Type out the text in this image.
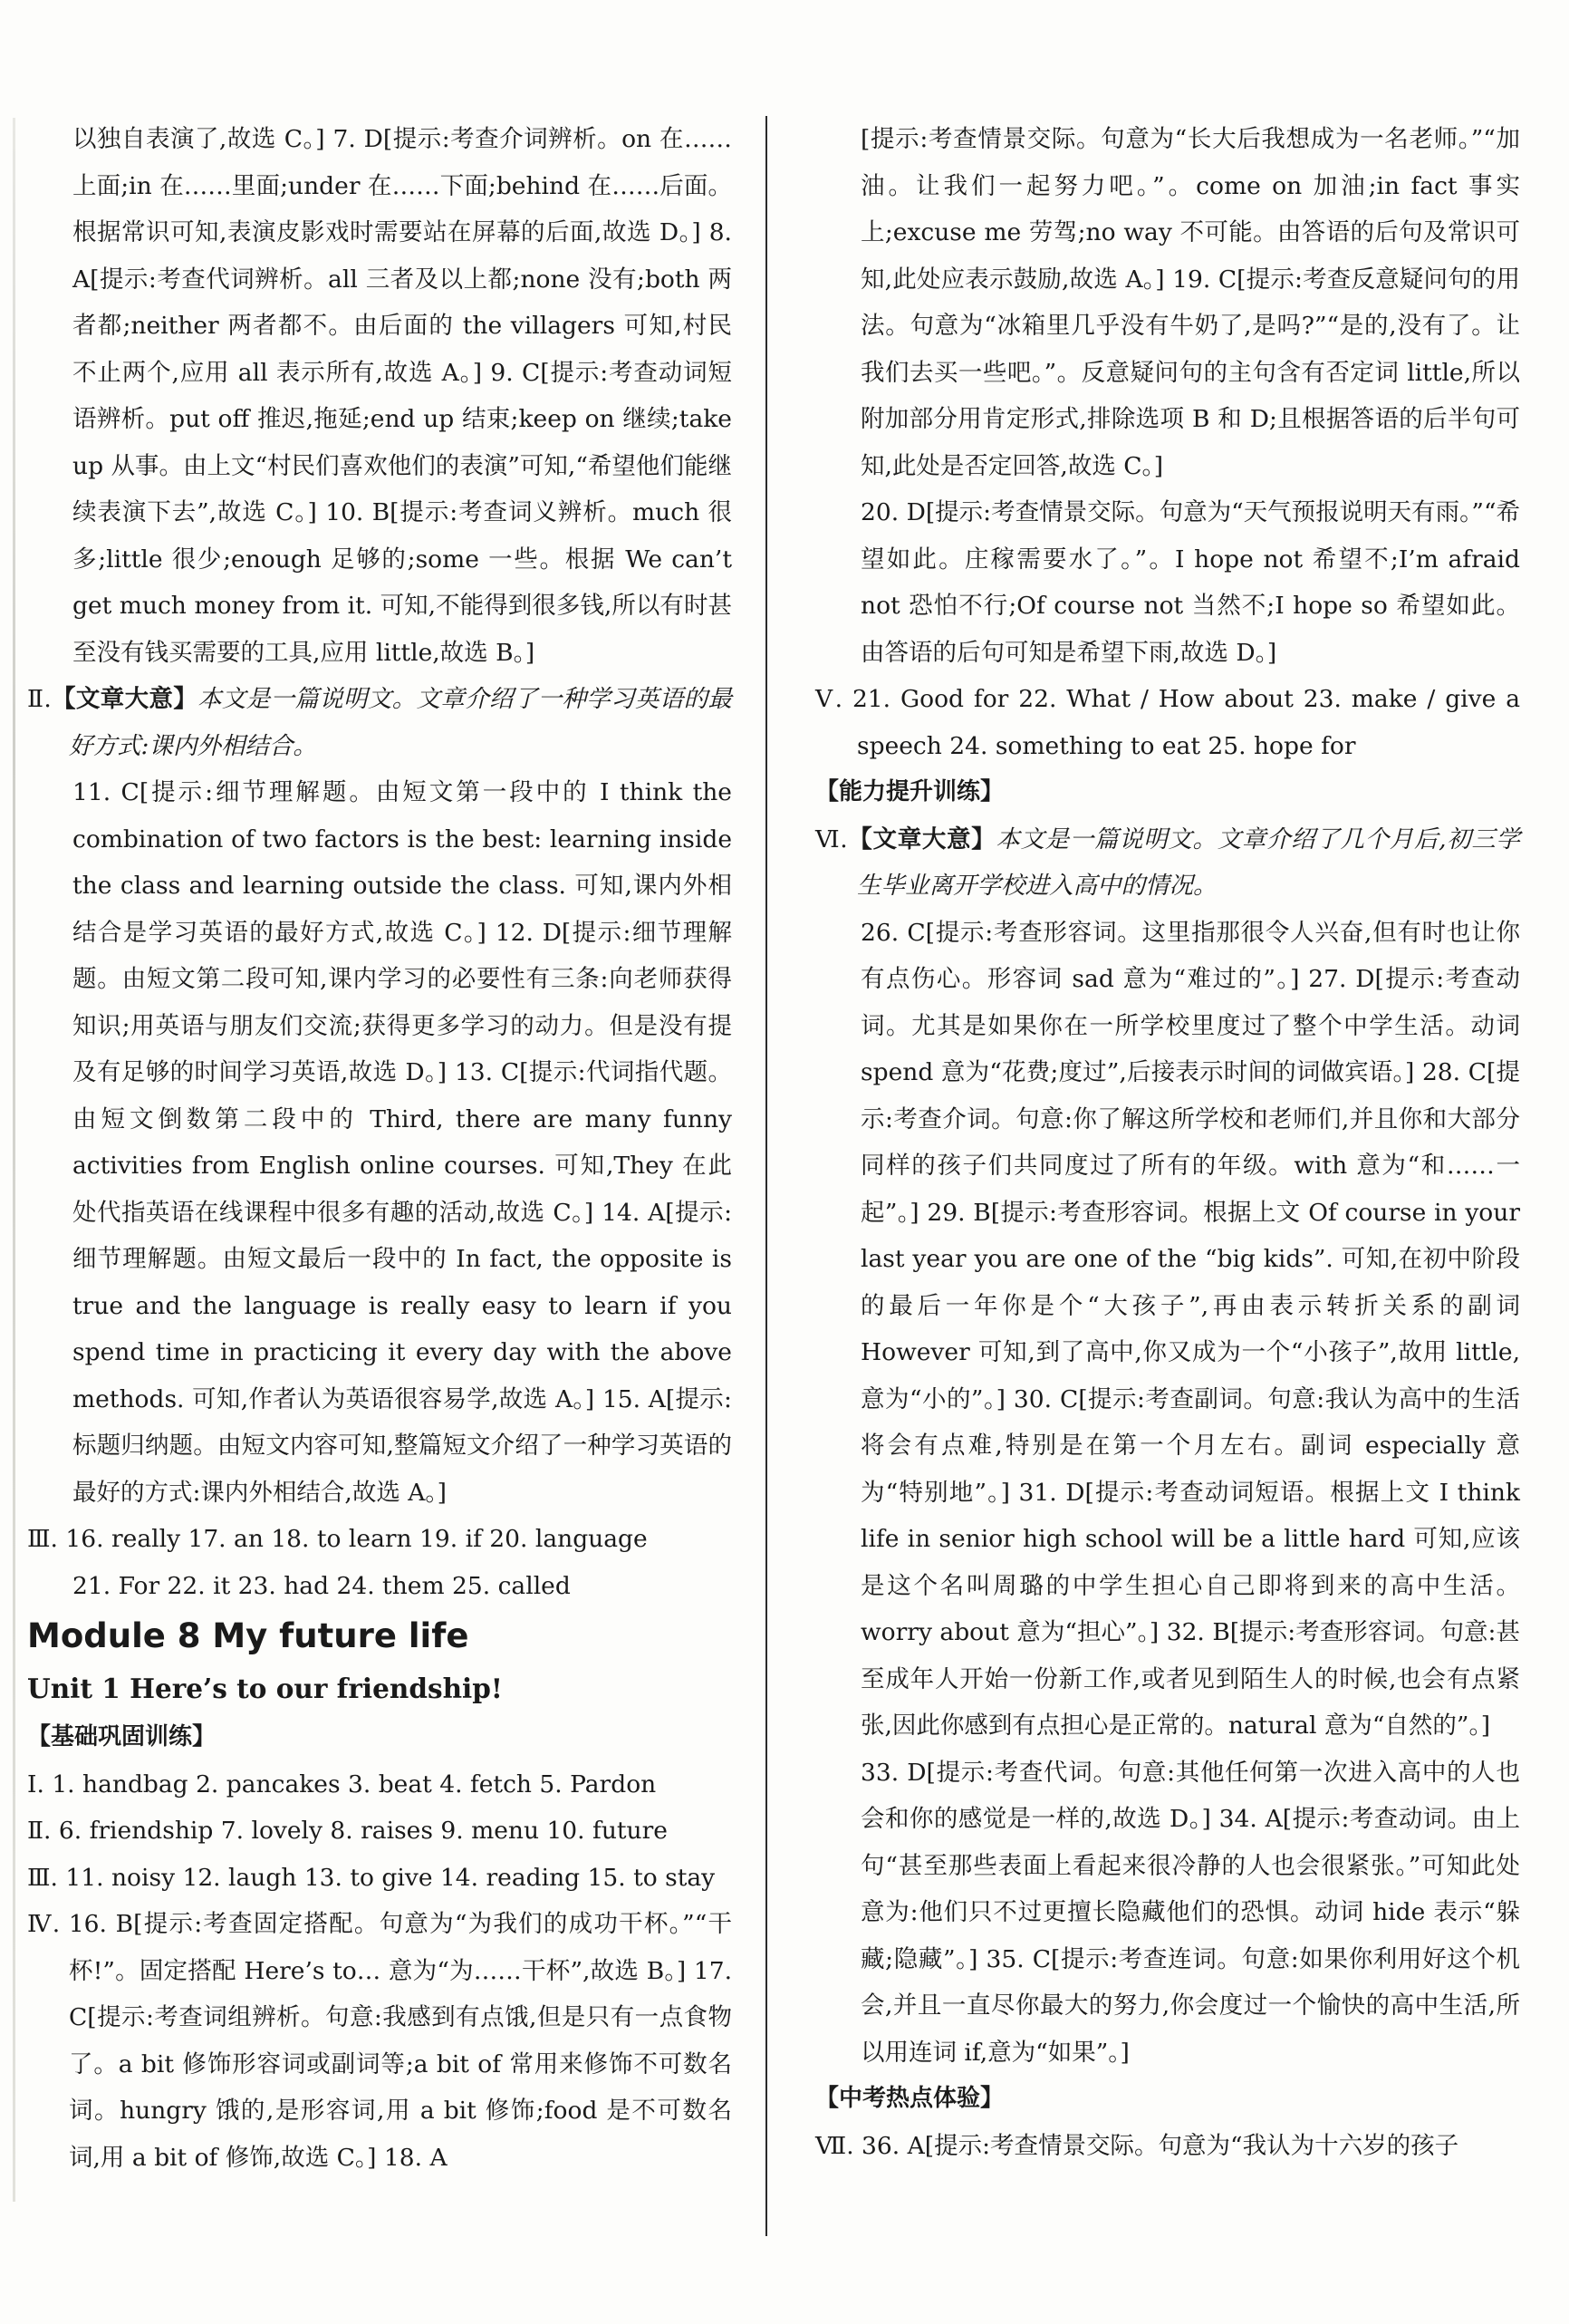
以独自表演了,故选 C。] 7. D[提示:考查介词辨析。on 在……上面;in 在……里面;under 在……下面;behind 在……后面。根据常识可知,表演皮影戏时需要站在屏幕的后面,故选 D。] 8. A[提示:考查代词辨析。all 三者及以上都;none 没有;both 两者都;neither 两者都不。由后面的 the villagers 可知,村民不止两个,应用 all 表示所有,故选 A。] 9. C[提示:考查动词短语辨析。put off 推迟,拖延;end up 结束;keep on 继续;take up 从事。由上文“村民们喜欢他们的表演”可知,“希望他们能继续表演下去”,故选 C。] 10. B[提示:考查词义辨析。much 很多;little 很少;enough 足够的;some 一些。根据 We can’t get much money from it. 可知,不能得到很多钱,所以有时甚至没有钱买需要的工具,应用 little,故选 B。]

Ⅱ.【文章大意】本文是一篇说明文。文章介绍了一种学习英语的最好方式:课内外相结合。

11. C[提示:细节理解题。由短文第一段中的 I think the combination of two factors is the best: learning inside the class and learning outside the class. 可知,课内外相结合是学习英语的最好方式,故选 C。] 12. D[提示:细节理解题。由短文第二段可知,课内学习的必要性有三条:向老师获得知识;用英语与朋友们交流;获得更多学习的动力。但是没有提及有足够的时间学习英语,故选 D。] 13. C[提示:代词指代题。由短文倒数第二段中的 Third, there are many funny activities from English online courses. 可知,They 在此处代指英语在线课程中很多有趣的活动,故选 C。] 14. A[提示:细节理解题。由短文最后一段中的 In fact, the opposite is true and the language is really easy to learn if you spend time in practicing it every day with the above methods. 可知,作者认为英语很容易学,故选 A。] 15. A[提示:标题归纳题。由短文内容可知,整篇短文介绍了一种学习英语的最好的方式:课内外相结合,故选 A。]

Ⅲ. 16. really 17. an 18. to learn 19. if 20. language

21. For 22. it 23. had 24. them 25. called

Module 8 My future life

Unit 1 Here’s to our friendship!

【基础巩固训练】

Ⅰ. 1. handbag 2. pancakes 3. beat 4. fetch 5. Pardon

Ⅱ. 6. friendship 7. lovely 8. raises 9. menu 10. future

Ⅲ. 11. noisy 12. laugh 13. to give 14. reading 15. to stay

Ⅳ. 16. B[提示:考查固定搭配。句意为“为我们的成功干杯。”“干杯!”。固定搭配 Here’s to… 意为“为……干杯”,故选 B。] 17. C[提示:考查词组辨析。句意:我感到有点饿,但是只有一点食物了。a bit 修饰形容词或副词等;a bit of 常用来修饰不可数名词。hungry 饿的,是形容词,用 a bit 修饰;food 是不可数名词,用 a bit of 修饰,故选 C。] 18. A

[提示:考查情景交际。句意为“长大后我想成为一名老师。”“加油。让我们一起努力吧。”。come on 加油;in fact 事实上;excuse me 劳驾;no way 不可能。由答语的后句及常识可知,此处应表示鼓励,故选 A。] 19. C[提示:考查反意疑问句的用法。句意为“冰箱里几乎没有牛奶了,是吗?”“是的,没有了。让我们去买一些吧。”。反意疑问句的主句含有否定词 little,所以附加部分用肯定形式,排除选项 B 和 D;且根据答语的后半句可知,此处是否定回答,故选 C。]

20. D[提示:考查情景交际。句意为“天气预报说明天有雨。”“希望如此。庄稼需要水了。”。I hope not 希望不;I’m afraid not 恐怕不行;Of course not 当然不;I hope so 希望如此。由答语的后句可知是希望下雨,故选 D。]

Ⅴ. 21. Good for 22. What / How about 23. make / give a speech 24. something to eat 25. hope for

【能力提升训练】

Ⅵ.【文章大意】本文是一篇说明文。文章介绍了几个月后,初三学生毕业离开学校进入高中的情况。

26. C[提示:考查形容词。这里指那很令人兴奋,但有时也让你有点伤心。形容词 sad 意为“难过的”。] 27. D[提示:考查动词。尤其是如果你在一所学校里度过了整个中学生活。动词 spend 意为“花费;度过”,后接表示时间的词做宾语。] 28. C[提示:考查介词。句意:你了解这所学校和老师们,并且你和大部分同样的孩子们共同度过了所有的年级。with 意为“和……一起”。] 29. B[提示:考查形容词。根据上文 Of course in your last year you are one of the “big kids”. 可知,在初中阶段的最后一年你是个“大孩子”,再由表示转折关系的副词 However 可知,到了高中,你又成为一个“小孩子”,故用 little,意为“小的”。] 30. C[提示:考查副词。句意:我认为高中的生活将会有点难,特别是在第一个月左右。副词 especially 意为“特别地”。] 31. D[提示:考查动词短语。根据上文 I think life in senior high school will be a little hard 可知,应该是这个名叫周璐的中学生担心自己即将到来的高中生活。worry about 意为“担心”。] 32. B[提示:考查形容词。句意:甚至成年人开始一份新工作,或者见到陌生人的时候,也会有点紧张,因此你感到有点担心是正常的。natural 意为“自然的”。]

33. D[提示:考查代词。句意:其他任何第一次进入高中的人也会和你的感觉是一样的,故选 D。] 34. A[提示:考查动词。由上句“甚至那些表面上看起来很冷静的人也会很紧张。”可知此处意为:他们只不过更擅长隐藏他们的恐惧。动词 hide 表示“躲藏;隐藏”。] 35. C[提示:考查连词。句意:如果你利用好这个机会,并且一直尽你最大的努力,你会度过一个愉快的高中生活,所以用连词 if,意为“如果”。]

【中考热点体验】

Ⅶ. 36. A[提示:考查情景交际。句意为“我认为十六岁的孩子
